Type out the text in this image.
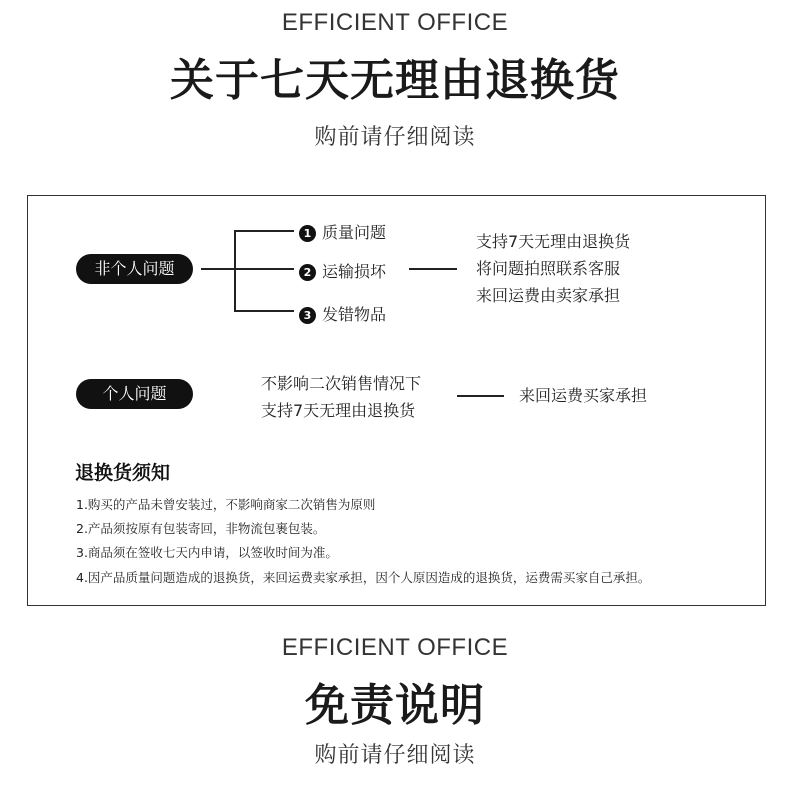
EFFICIENT OFFICE
关于七天无理由退换货
购前请仔细阅读
非个人问题
1 质量问题
2 运输损坏
3 发错物品
支持7天无理由退换货
将问题拍照联系客服
来回运费由卖家承担
个人问题
不影响二次销售情况下
支持7天无理由退换货
来回运费买家承担
退换货须知
1.购买的产品未曾安装过，不影响商家二次销售为原则
2.产品须按原有包装寄回，非物流包裹包装。
3.商品须在签收七天内申请，以签收时间为准。
4.因产品质量问题造成的退换货，来回运费卖家承担，因个人原因造成的退换货，运费需买家自己承担。
EFFICIENT OFFICE
免责说明
购前请仔细阅读
